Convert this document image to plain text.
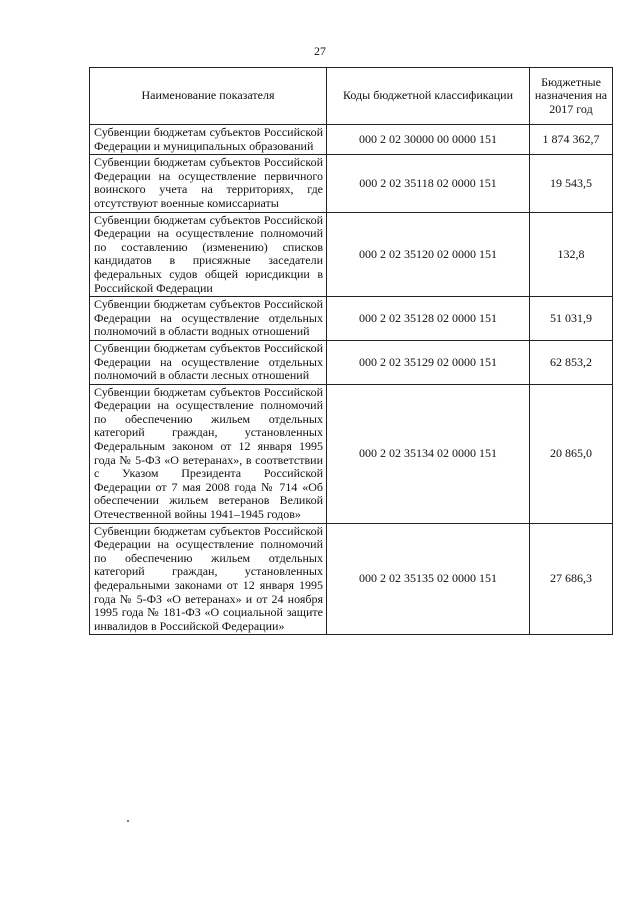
27
Наименование показателя	Коды бюджетной классификации	Бюджетные назначения на 2017 год
Субвенции бюджетам субъектов Российской Федерации и муниципальных образований	000 2 02 30000 00 0000 151	1 874 362,7
Субвенции бюджетам субъектов Российской Федерации на осуществление первичного воинского учета на территориях, где отсутствуют военные комиссариаты	000 2 02 35118 02 0000 151	19 543,5
Субвенции бюджетам субъектов Российской Федерации на осуществление полномочий по составлению (изменению) списков кандидатов в присяжные заседатели федеральных судов общей юрисдикции в Российской Федерации	000 2 02 35120 02 0000 151	132,8
Субвенции бюджетам субъектов Российской Федерации на осуществление отдельных полномочий в области водных отношений	000 2 02 35128 02 0000 151	51 031,9
Субвенции бюджетам субъектов Российской Федерации на осуществление отдельных полномочий в области лесных отношений	000 2 02 35129 02 0000 151	62 853,2
Субвенции бюджетам субъектов Российской Федерации на осуществление полномочий по обеспечению жильем отдельных категорий граждан, установленных Федеральным законом от 12 января 1995 года № 5-ФЗ «О ветеранах», в соответствии с Указом Президента Российской Федерации от 7 мая 2008 года № 714 «Об обеспечении жильем ветеранов Великой Отечественной войны 1941–1945 годов»	000 2 02 35134 02 0000 151	20 865,0
Субвенции бюджетам субъектов Российской Федерации на осуществление полномочий по обеспечению жильем отдельных категорий граждан, установленных федеральными законами от 12 января 1995 года № 5-ФЗ «О ветеранах» и от 24 ноября 1995 года № 181-ФЗ «О социальной защите инвалидов в Российской Федерации»	000 2 02 35135 02 0000 151	27 686,3
